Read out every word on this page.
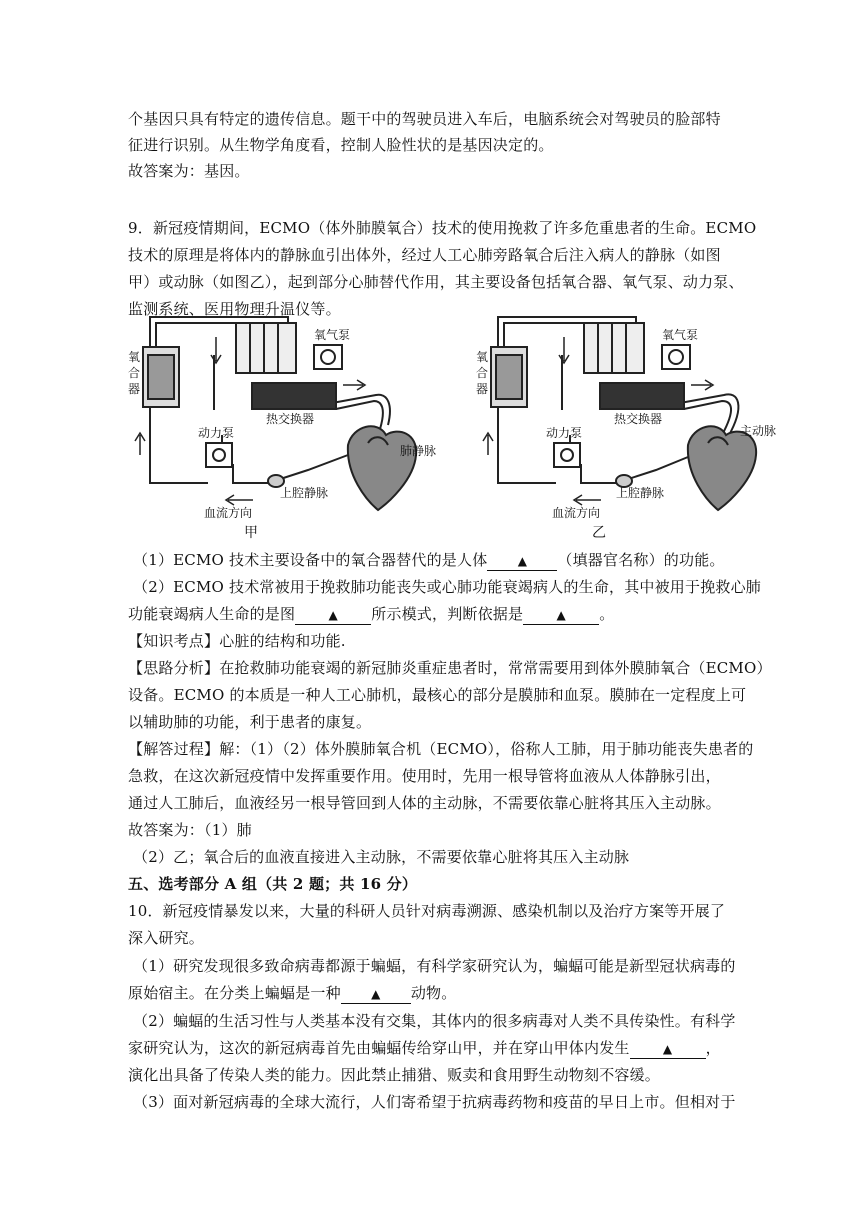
个基因只具有特定的遗传信息。题干中的驾驶员进入车后，电脑系统会对驾驶员的脸部特
征进行识别。从生物学角度看，控制人脸性状的是基因决定的。
故答案为：基因。
9．新冠疫情期间，ECMO（体外肺膜氧合）技术的使用挽救了许多危重患者的生命。ECMO
技术的原理是将体内的静脉血引出体外，经过人工心肺旁路氧合后注入病人的静脉（如图
甲）或动脉（如图乙），起到部分心肺替代作用，其主要设备包括氧合器、氧气泵、动力泵、
监测系统、医用物理升温仪等。
氧合器
氧气泵
热交换器
动力泵
肺静脉
上腔静脉
血流方向
甲
氧合器
氧气泵
热交换器
动力泵	主动脉
上腔静脉
血流方向
乙
（1）ECMO 技术主要设备中的氧合器替代的是人体	▲ （填器官名称）的功能。
（2）ECMO 技术常被用于挽救肺功能丧失或心肺功能衰竭病人的生命，其中被用于挽救心肺
功能衰竭病人生命的是图	▲ 所示模式，判断依据是	▲ 。
【知识考点】心脏的结构和功能.
【思路分析】在抢救肺功能衰竭的新冠肺炎重症患者时，常常需要用到体外膜肺氧合（ECMO）
设备。ECMO 的本质是一种人工心肺机，最核心的部分是膜肺和血泵。膜肺在一定程度上可
以辅助肺的功能，利于患者的康复。
【解答过程】解：（1）（2）体外膜肺氧合机（ECMO），俗称人工肺，用于肺功能丧失患者的
急救，在这次新冠疫情中发挥重要作用。使用时，先用一根导管将血液从人体静脉引出，
通过人工肺后，血液经另一根导管回到人体的主动脉，不需要依靠心脏将其压入主动脉。
故答案为：（1）肺
（2）乙；氧合后的血液直接进入主动脉，不需要依靠心脏将其压入主动脉
五、选考部分 A 组（共 2 题；共 16 分）
10．新冠疫情暴发以来，大量的科研人员针对病毒溯源、感染机制以及治疗方案等开展了
深入研究。
（1）研究发现很多致命病毒都源于蝙蝠，有科学家研究认为，蝙蝠可能是新型冠状病毒的
原始宿主。在分类上蝙蝠是一种	▲ 动物。
（2）蝙蝠的生活习性与人类基本没有交集，其体内的很多病毒对人类不具传染性。有科学
家研究认为，这次的新冠病毒首先由蝙蝠传给穿山甲，并在穿山甲体内发生	▲ ，
演化出具备了传染人类的能力。因此禁止捕猎、贩卖和食用野生动物刻不容缓。
（3）面对新冠病毒的全球大流行，人们寄希望于抗病毒药物和疫苗的早日上市。但相对于
